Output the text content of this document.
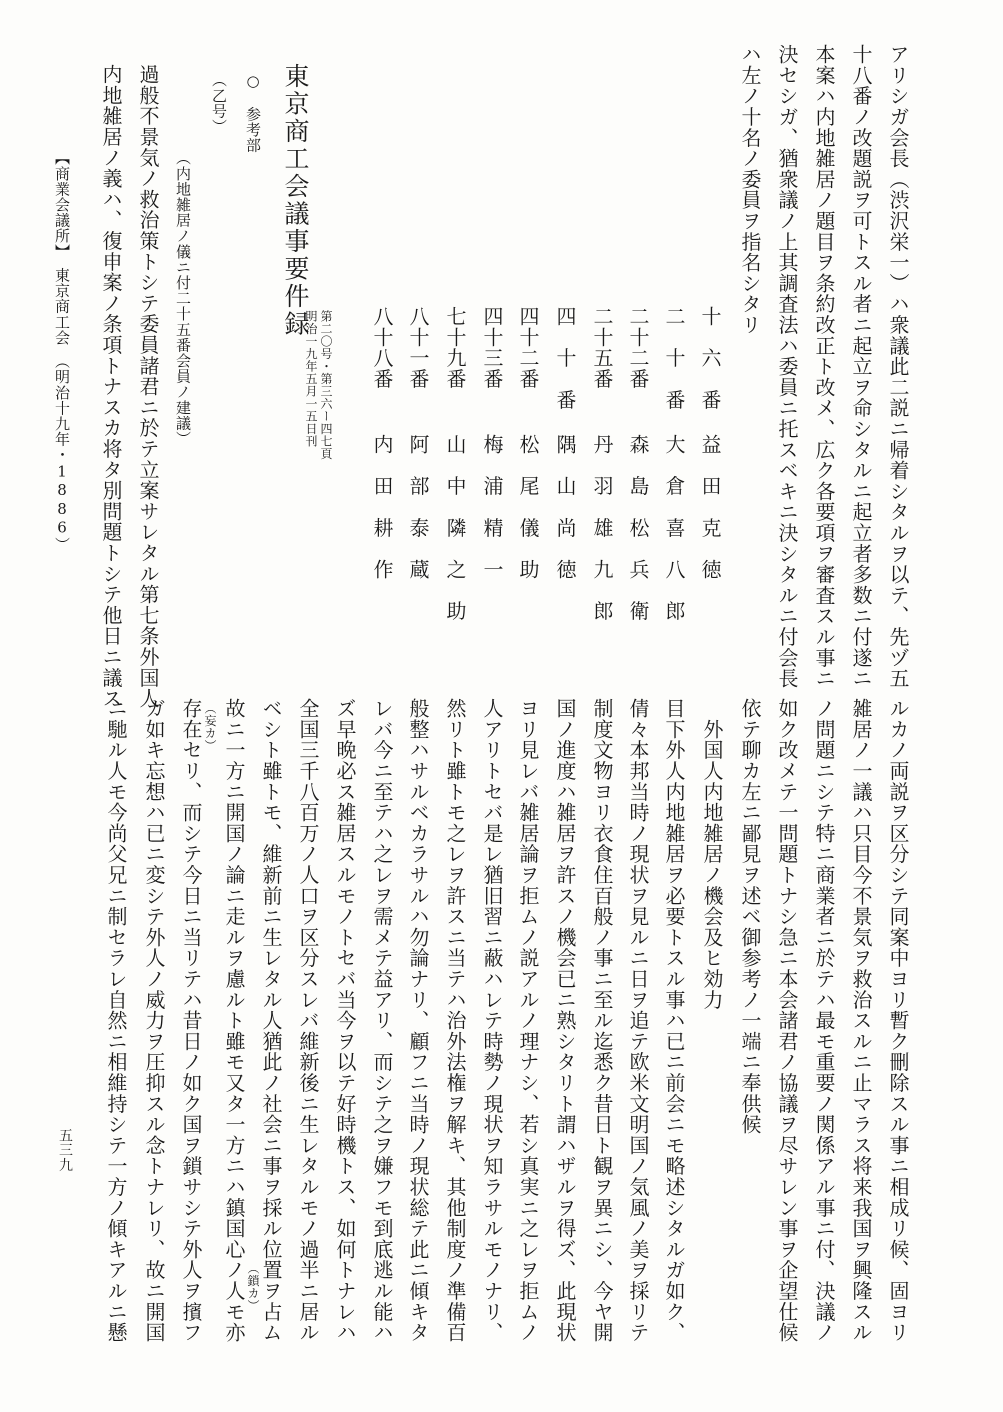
アリシガ会長（渋沢栄一）ハ衆議此二説ニ帰着シタルヲ以テ、先ヅ五
十八番ノ改題説ヲ可トスル者ニ起立ヲ命シタルニ起立者多数ニ付遂ニ
本案ハ内地雑居ノ題目ヲ条約改正ト改メ、広ク各要項ヲ審査スル事ニ
決セシガ、猶衆議ノ上其調査法ハ委員ニ托スベキニ決シタルニ付会長
ハ左ノ十名ノ委員ヲ指名シタリ
十　六　番
益　田　克　徳
二　十　番
大　倉　喜　八　郎
二十二番
森　島　松　兵　衛
二十五番
丹　羽　雄　九　郎
四　十　番
隅　山　尚　徳
四十二番
松　尾　儀　助
四十三番
梅　浦　精　一
七十九番
山　中　隣　之　助
八十一番
阿　部　泰　蔵
八十八番
内　田　耕　作
第二〇号・第三六ー四七頁
明治一九年五月一五日刊
東京商工会議事要件録
○　参考部
（乙号）
（内地雑居ノ儀ニ付二十五番会員ノ建議）
過般不景気ノ救治策トシテ委員諸君ニ於テ立案サレタル第七条外国人
内地雑居ノ義ハ、復申案ノ条項トナスカ将タ別問題トシテ他日ニ議ス
【商業会議所】　東京商工会　（明治十九年・1886）
ルカノ両説ヲ区分シテ同案中ヨリ暫ク刪除スル事ニ相成リ候、固ヨリ
雑居ノ一議ハ只目今不景気ヲ救治スルニ止マラス将来我国ヲ興隆スル
ノ問題ニシテ特ニ商業者ニ於テハ最モ重要ノ関係アル事ニ付、決議ノ
如ク改メテ一問題トナシ急ニ本会諸君ノ協議ヲ尽サレン事ヲ企望仕候
依テ聊カ左ニ鄙見ヲ述ベ御参考ノ一端ニ奉供候
　外国人内地雑居ノ機会及ヒ効力
目下外人内地雑居ヲ必要トスル事ハ已ニ前会ニモ略述シタルガ如ク、
倩々本邦当時ノ現状ヲ見ルニ日ヲ追テ欧米文明国ノ気風ノ美ヲ採リテ
制度文物ヨリ衣食住百般ノ事ニ至ル迄悉ク昔日ト観ヲ異ニシ、今ヤ開
国ノ進度ハ雑居ヲ許スノ機会已ニ熟シタリト謂ハザルヲ得ズ、此現状
ヨリ見レバ雑居論ヲ拒ムノ説アルノ理ナシ、若シ真実ニ之レヲ拒ムノ
人アリトセバ是レ猶旧習ニ蔽ハレテ時勢ノ現状ヲ知ラサルモノナリ、
然リト雖トモ之レヲ許スニ当テハ治外法権ヲ解キ、其他制度ノ準備百
般整ハサルベカラサルハ勿論ナリ、顧フニ当時ノ現状総テ此ニ傾キタ
レバ今ニ至テハ之レヲ需メテ益アリ、而シテ之ヲ嫌フモ到底逃ル能ハ
ズ早晩必ス雑居スルモノトセバ当今ヲ以テ好時機トス、如何トナレハ
全国三千八百万ノ人口ヲ区分スレバ維新後ニ生レタルモノ過半ニ居ル
ベシト雖トモ、維新前ニ生レタル人猶此ノ社会ニ事ヲ採ル位置ヲ占ム
故ニ一方ニ開国ノ論ニ走ルヲ慮ルト雖モ又タ一方ニハ鎮国心ノ人モ亦
存在セリ、而シテ今日ニ当リテハ昔日ノ如ク国ヲ鎖サシテ外人ヲ擯フ
ガ如キ忘想ハ已ニ変シテ外人ノ威力ヲ圧抑スル念トナレリ、故ニ開国
ニ馳ル人モ今尚父兄ニ制セラレ自然ニ相維持シテ一方ノ傾キアルニ懸	（鎖カ）
（妄カ）
五三九
